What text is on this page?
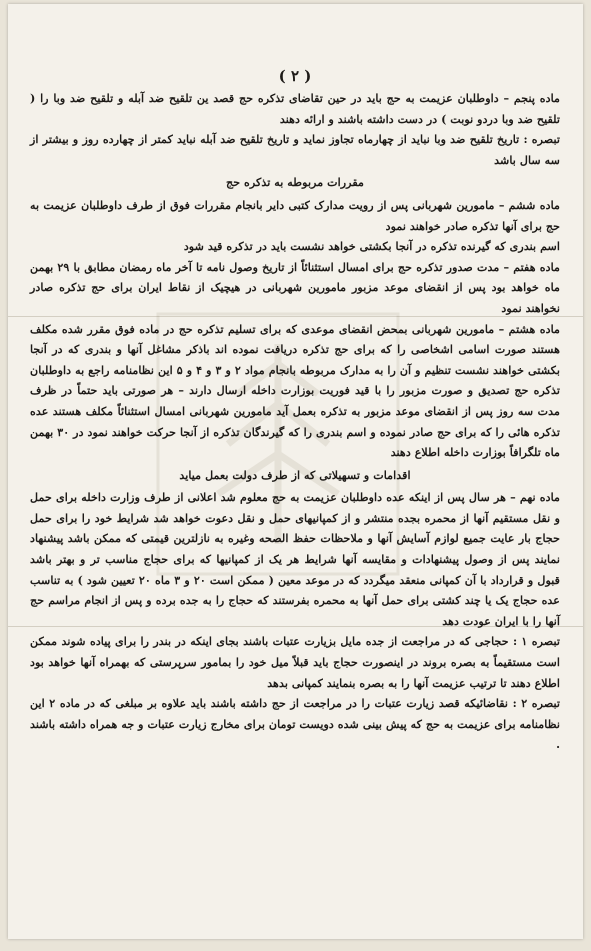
( ۲ )

ماده پنجم – داوطلبان عزیمت به حج باید در حین تقاضای تذکره حج قصد ین تلقیح ضد آبله و تلقیح ضد وبا را ( تلقیح ضد وبا دردو نوبت ) در دست داشته باشند و ارائه دهند

تبصره : تاریخ تلقیح ضد وبا نباید از چهارماه تجاوز نماید و تاریخ تلقیح ضد آبله نباید کمتر از چهارده روز و بیشتر از سه سال باشد

مقررات مربوطه به تذکره حج

ماده ششم – مامورین شهربانی پس از رویت مدارک کتبی دایر بانجام مقررات فوق از طرف داوطلبان عزیمت به حج برای آنها تذکره صادر خواهند نمود

اسم بندری که گیرنده تذکره در آنجا بکشتی خواهد نشست باید در تذکره قید شود

ماده هفتم – مدت صدور تذکره حج برای امسال استثنائاً از تاریخ وصول نامه تا آخر ماه رمضان مطابق با ۲۹ بهمن ماه خواهد بود پس از انقضای موعد مزبور مامورین شهربانی در هیچیک از نقاط ایران برای حج تذکره صادر نخواهند نمود

ماده هشتم – مامورین شهربانی بمحض انقضای موعدی که برای تسلیم تذکره حج در ماده فوق مقرر شده مکلف هستند صورت اسامی اشخاصی را که برای حج تذکره دریافت نموده اند باذکر مشاغل آنها و بندری که در آنجا بکشتی خواهند نشست تنظیم و آن را به مدارک مربوطه بانجام مواد ۲ و ۳ و ۴ و ۵ این نظامنامه راجع به داوطلبان تذکره حج تصدیق و صورت مزبور را با قید فوریت بوزارت داخله ارسال دارند – هر صورتی باید حتماً در ظرف مدت سه روز پس از انقضای موعد مزبور به تذکره بعمل آید مامورین شهربانی امسال استثنائاً مکلف هستند عده تذکره هائی را که برای حج صادر نموده و اسم بندری را که گیرندگان تذکره از آنجا حرکت خواهند نمود در ۳۰ بهمن ماه تلگرافاً بوزارت داخله اطلاع دهند

اقدامات و تسهیلاتی که از طرف دولت بعمل میاید

ماده نهم – هر سال پس از اینکه عده داوطلبان عزیمت به حج معلوم شد اعلانی از طرف وزارت داخله برای حمل و نقل مستقیم آنها از محمره بجده منتشر و از کمپانیهای حمل و نقل دعوت خواهد شد شرایط خود را برای حمل حجاج بار عایت جمیع لوازم آسایش آنها و ملاحظات حفظ الصحه وغیره به نازلترین قیمتی که ممکن باشد پیشنهاد نمایند پس از وصول پیشنهادات و مقایسه آنها شرایط هر یک از کمپانیها که برای حجاج مناسب تر و بهتر باشد قبول و قرارداد با آن کمپانی منعقد میگردد که در موعد معین ( ممکن است ۲۰ و ۳ ماه ۲۰ تعیین شود ) به تناسب عده حجاج یک یا چند کشتی برای حمل آنها به محمره بفرستند که حجاج را به جده برده و پس از انجام مراسم حج آنها را با ایران عودت دهد

تبصره ۱ : حجاجی که در مراجعت از جده مایل بزیارت عتبات باشند بجای اینکه در بندر را برای پیاده شوند ممکن است مستقیماً به بصره بروند در اینصورت حجاج باید قبلاً میل خود را بمامور سرپرستی که بهمراه آنها خواهد بود اطلاع دهند تا ترتیب عزیمت آنها را به بصره بنمایند کمپانی بدهد

تبصره ۲ : نقاضائیکه قصد زیارت عتبات را در مراجعت از حج داشته باشند باید علاوه بر مبلغی که در ماده ۲ این نظامنامه برای عزیمت به حج که پیش بینی شده دویست تومان برای مخارج زیارت عتبات و جه همراه داشته باشند .
